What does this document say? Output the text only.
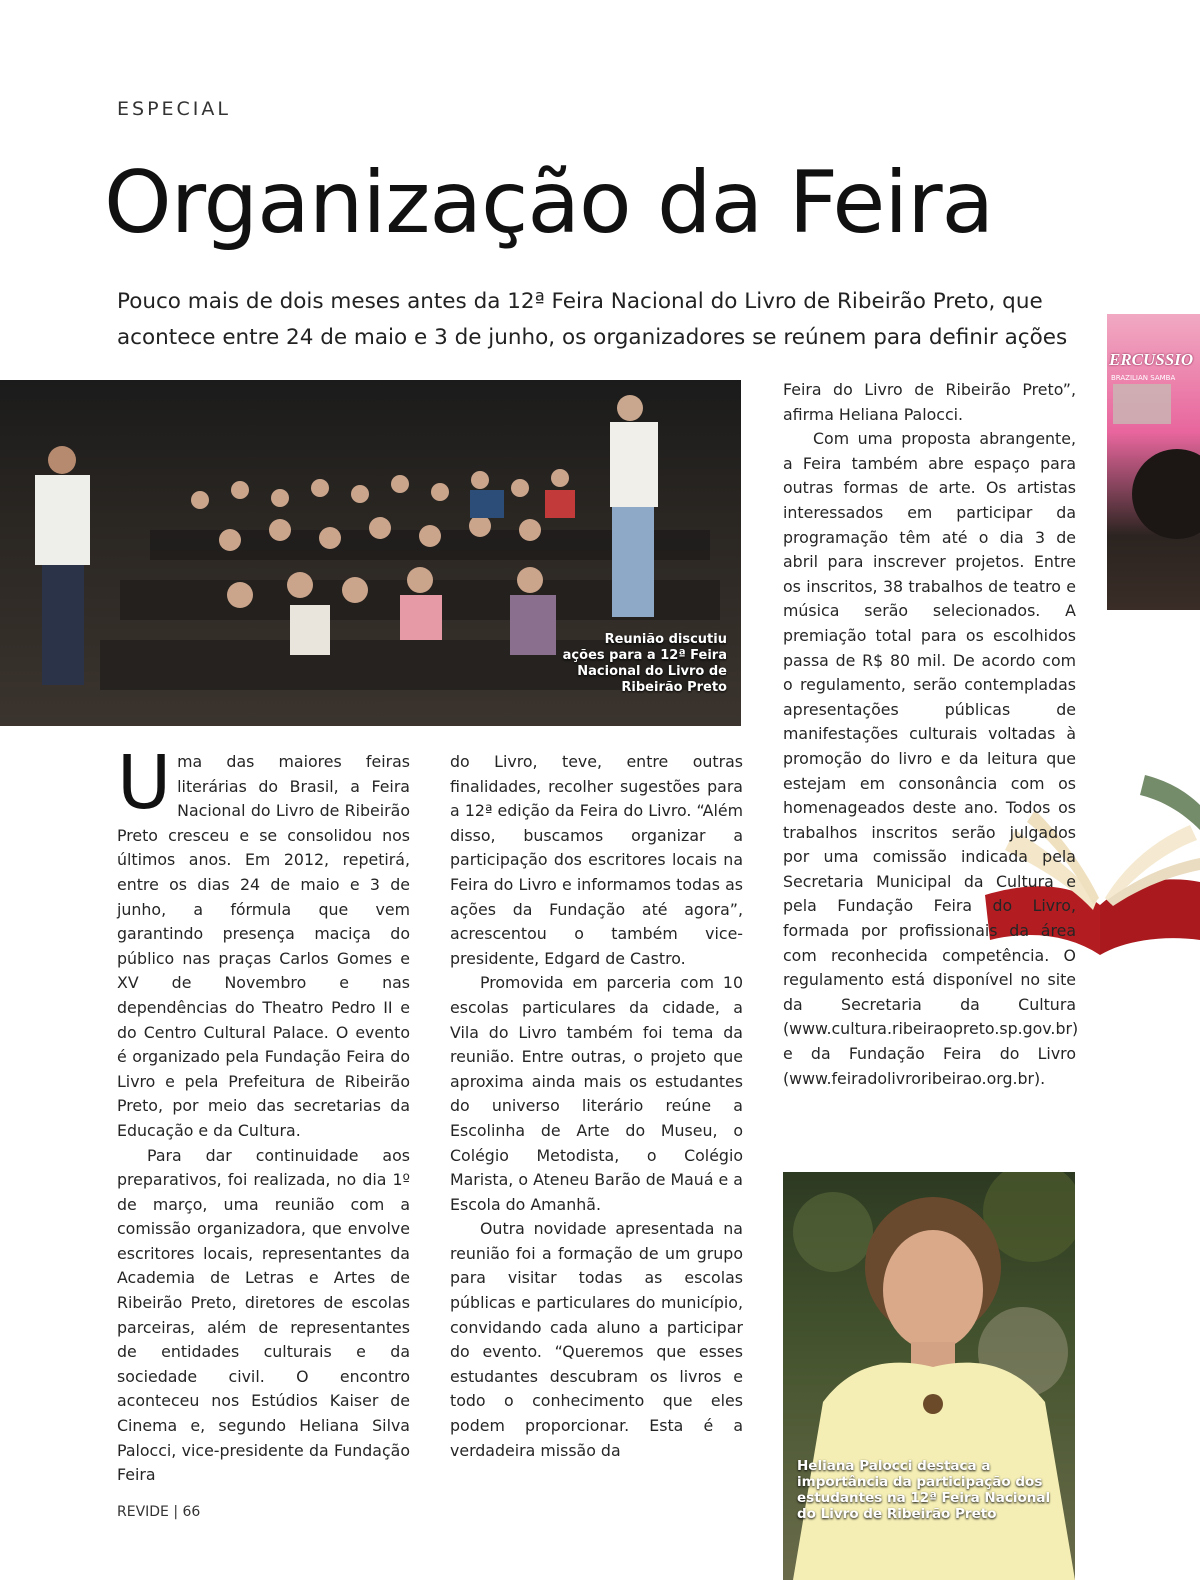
ESPECIAL
Organização da Feira
Pouco mais de dois meses antes da 12ª Feira Nacional do Livro de Ribeirão Preto, que acontece entre 24 de maio e 3 de junho, os organizadores se reúnem para definir ações
Reunião discutiu
ações para a 12ª Feira
Nacional do Livro de
Ribeirão Preto
ERCUSSIO
BRAZILIAN SAMBA

Uma das maiores feiras literárias do Brasil, a Feira Nacional do Livro de Ribeirão Preto cresceu e se consolidou nos últimos anos. Em 2012, repetirá, entre os dias 24 de maio e 3 de junho, a fórmula que vem garantindo presença maciça do público nas praças Carlos Gomes e XV de Novembro e nas dependências do Theatro Pedro II e do Centro Cultural Palace. O evento é organizado pela Fundação Feira do Livro e pela Prefeitura de Ribeirão Preto, por meio das secretarias da Educação e da Cultura.

Para dar continuidade aos preparativos, foi realizada, no dia 1º de março, uma reunião com a comissão organizadora, que envolve escritores locais, representantes da Academia de Letras e Artes de Ribeirão Preto, diretores de escolas parceiras, além de representantes de entidades culturais e da sociedade civil. O encontro aconteceu nos Estúdios Kaiser de Cinema e, segundo Heliana Silva Palocci, vice-presidente da Fundação Feira

do Livro, teve, entre outras finalidades, recolher sugestões para a 12ª edição da Feira do Livro. “Além disso, buscamos organizar a participação dos escritores locais na Feira do Livro e informamos todas as ações da Fundação até agora”, acrescentou o também vice-presidente, Edgard de Castro.

Promovida em parceria com 10 escolas particulares da cidade, a Vila do Livro também foi tema da reunião. Entre outras, o projeto que aproxima ainda mais os estudantes do universo literário reúne a Escolinha de Arte do Museu, o Colégio Metodista, o Colégio Marista, o Ateneu Barão de Mauá e a Escola do Amanhã.

Outra novidade apresentada na reunião foi a formação de um grupo para visitar todas as escolas públicas e particulares do município, convidando cada aluno a participar do evento. “Queremos que esses estudantes descubram os livros e todo o conhecimento que eles podem proporcionar. Esta é a verdadeira missão da

Feira do Livro de Ribeirão Preto”, afirma Heliana Palocci.

Com uma proposta abrangente, a Feira também abre espaço para outras formas de arte. Os artistas interessados em participar da programação têm até o dia 3 de abril para inscrever projetos. Entre os inscritos, 38 trabalhos de teatro e música serão selecionados. A premiação total para os escolhidos passa de R$ 80 mil. De acordo com o regulamento, serão contempladas apresentações públicas de manifestações culturais voltadas à promoção do livro e da leitura que estejam em consonância com os homenageados deste ano. Todos os trabalhos inscritos serão julgados por uma comissão indicada pela Secretaria Municipal da Cultura e pela Fundação Feira do Livro, formada por profissionais da área com reconhecida competência. O regulamento está disponível no site da Secretaria da Cultura (www.cultura.ribeiraopreto.sp.gov.br) e da Fundação Feira do Livro (www.feiradolivroribeirao.org.br).

Heliana Palocci destaca a importância da participação dos estudantes na 12ª Feira Nacional do Livro de Ribeirão Preto
REVIDE | 66
